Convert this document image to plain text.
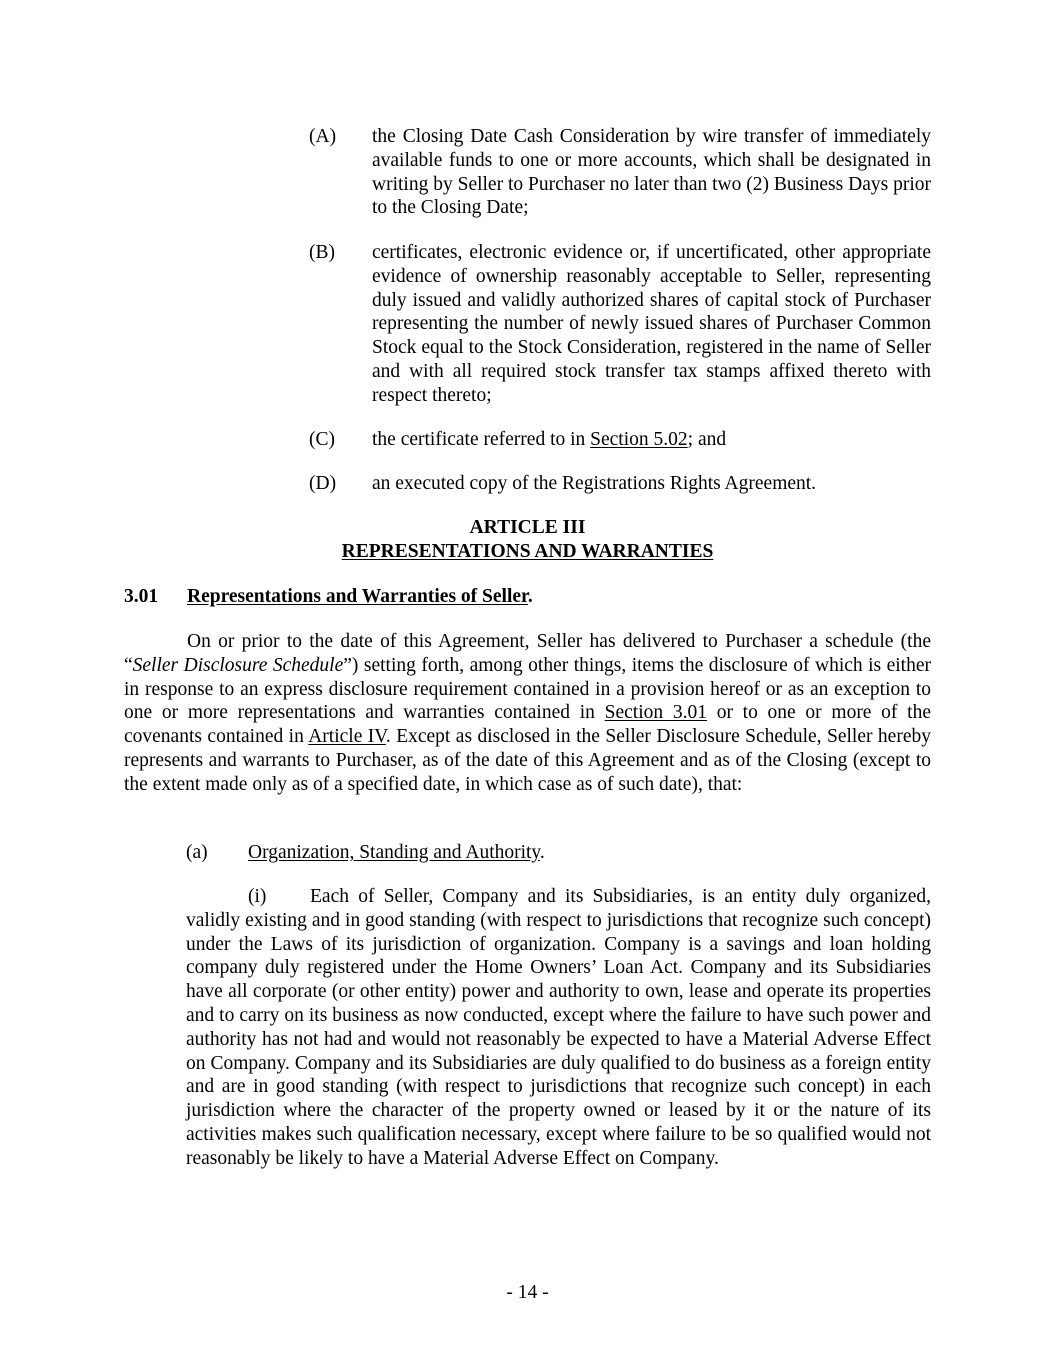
(A) the Closing Date Cash Consideration by wire transfer of immediately available funds to one or more accounts, which shall be designated in writing by Seller to Purchaser no later than two (2) Business Days prior to the Closing Date;
(B) certificates, electronic evidence or, if uncertificated, other appropriate evidence of ownership reasonably acceptable to Seller, representing duly issued and validly authorized shares of capital stock of Purchaser representing the number of newly issued shares of Purchaser Common Stock equal to the Stock Consideration, registered in the name of Seller and with all required stock transfer tax stamps affixed thereto with respect thereto;
(C) the certificate referred to in Section 5.02; and
(D) an executed copy of the Registrations Rights Agreement.
ARTICLE III
REPRESENTATIONS AND WARRANTIES
3.01 Representations and Warranties of Seller.
On or prior to the date of this Agreement, Seller has delivered to Purchaser a schedule (the “Seller Disclosure Schedule”) setting forth, among other things, items the disclosure of which is either in response to an express disclosure requirement contained in a provision hereof or as an exception to one or more representations and warranties contained in Section 3.01 or to one or more of the covenants contained in Article IV. Except as disclosed in the Seller Disclosure Schedule, Seller hereby represents and warrants to Purchaser, as of the date of this Agreement and as of the Closing (except to the extent made only as of a specified date, in which case as of such date), that:
(a) Organization, Standing and Authority.
(i) Each of Seller, Company and its Subsidiaries, is an entity duly organized, validly existing and in good standing (with respect to jurisdictions that recognize such concept) under the Laws of its jurisdiction of organization. Company is a savings and loan holding company duly registered under the Home Owners’ Loan Act. Company and its Subsidiaries have all corporate (or other entity) power and authority to own, lease and operate its properties and to carry on its business as now conducted, except where the failure to have such power and authority has not had and would not reasonably be expected to have a Material Adverse Effect on Company. Company and its Subsidiaries are duly qualified to do business as a foreign entity and are in good standing (with respect to jurisdictions that recognize such concept) in each jurisdiction where the character of the property owned or leased by it or the nature of its activities makes such qualification necessary, except where failure to be so qualified would not reasonably be likely to have a Material Adverse Effect on Company.
- 14 -
